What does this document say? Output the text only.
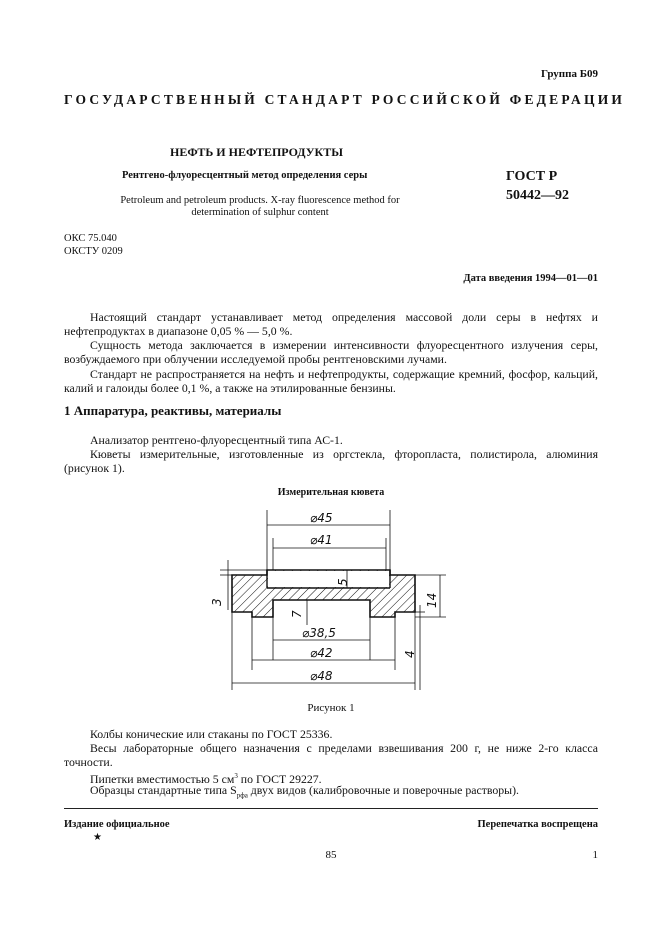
Группа Б09
ГОСУДАРСТВЕННЫЙ СТАНДАРТ РОССИЙСКОЙ ФЕДЕРАЦИИ
НЕФТЬ И НЕФТЕПРОДУКТЫ
Рентгено-флуоресцентный метод определения серы
Petroleum and petroleum products. X-ray fluorescence method for
determination of sulphur content
ГОСТ Р
50442—92
ОКС 75.040
ОКСТУ 0209
Дата введения 1994—01—01

Настоящий стандарт устанавливает метод определения массовой доли серы в нефтях и нефтепродуктах в диапазоне 0,05 % — 5,0 %.

Сущность метода заключается в измерении интенсивности флуоресцентного излучения серы, возбуждаемого при облучении исследуемой пробы рентгеновскими лучами.

Стандарт не распространяется на нефть и нефтепродукты, содержащие кремний, фосфор, кальций, калий и галоиды более 0,1 %, а также на этилированные бензины.

1 Аппаратура, реактивы, материалы

Анализатор рентгено-флуоресцентный типа АС-1.

Кюветы измерительные, изготовленные из оргстекла, фторопласта, полистирола, алюминия (рисунок 1).

Измерительная кювета
⌀45
⌀41
5
7
⌀38,5
⌀42
⌀48
3	14
4
Рисунок 1

Колбы конические или стаканы по ГОСТ 25336.

Весы лабораторные общего назначения с пределами взвешивания 200 г, не ниже 2-го класса точности.

Пипетки вместимостью 5 $см^3$ по ГОСТ 29227.

Образцы стандартные типа $S_{рфа}$ двух видов (калибровочные и поверочные растворы).

Издание официальное	Перепечатка воспрещена
★
85	1
